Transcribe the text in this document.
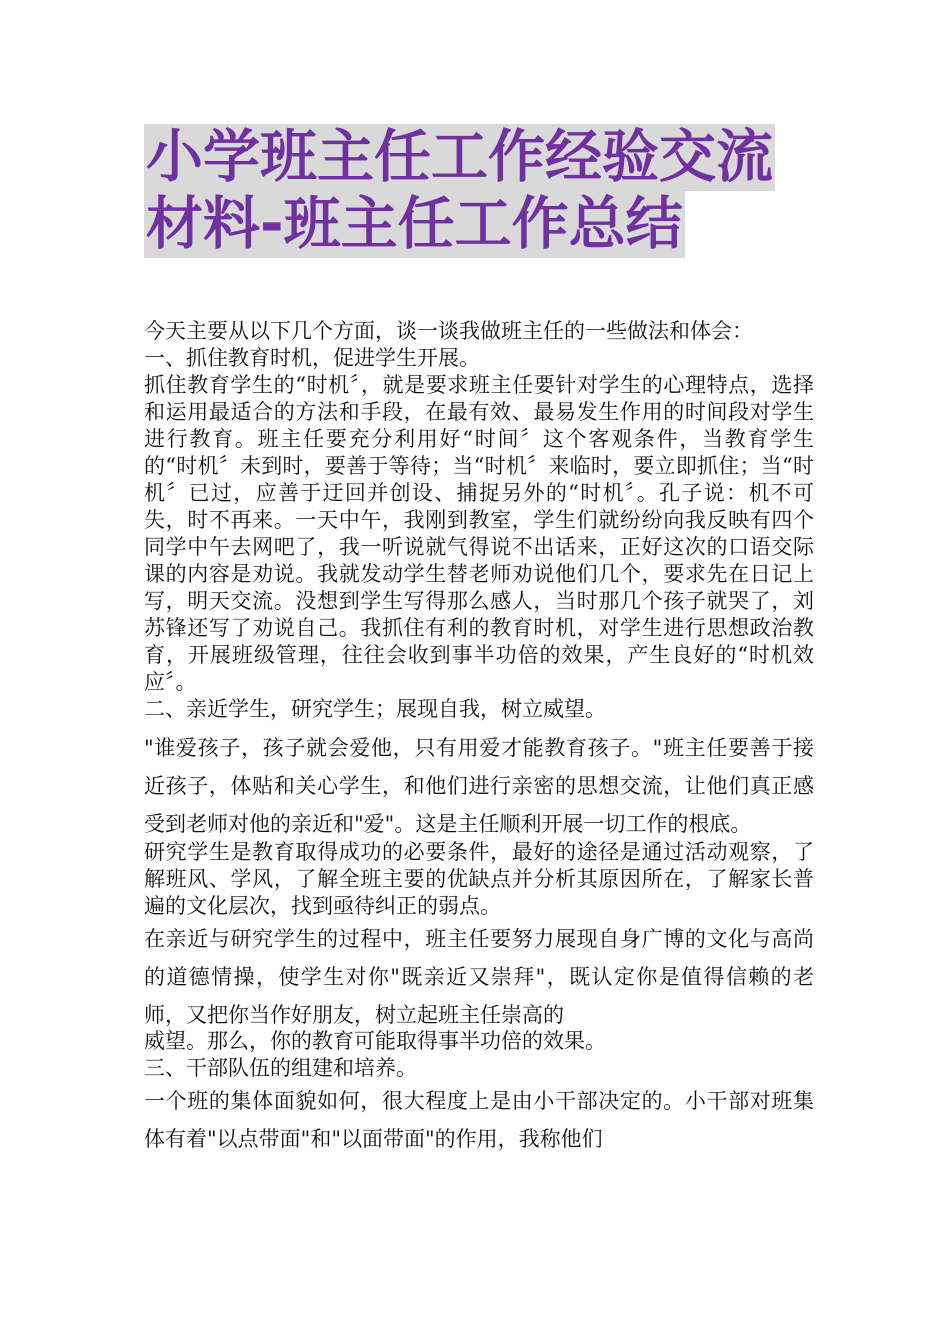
小学班主任工作经验交流
材料-班主任工作总结

今天主要从以下几个方面，谈一谈我做班主任的一些做法和体会：

一、抓住教育时机，促进学生开展。

抓住教育学生的“时机〞，就是要求班主任要针对学生的心理特点，选择和运用最适合的方法和手段，在最有效、最易发生作用的时间段对学生进行教育。班主任要充分利用好“时间〞这个客观条件，当教育学生的“时机〞未到时，要善于等待；当“时机〞来临时，要立即抓住；当“时机〞已过，应善于迂回并创设、捕捉另外的“时机〞。孔子说：机不可失，时不再来。一天中午，我刚到教室，学生们就纷纷向我反映有四个同学中午去网吧了，我一听说就气得说不出话来，正好这次的口语交际课的内容是劝说。我就发动学生替老师劝说他们几个，要求先在日记上写，明天交流。没想到学生写得那么感人，当时那几个孩子就哭了，刘苏锋还写了劝说自己。我抓住有利的教育时机，对学生进行思想政治教育，开展班级管理，往往会收到事半功倍的效果，产生良好的“时机效应〞。

二、亲近学生，研究学生；展现自我，树立威望。

"谁爱孩子，孩子就会爱他，只有用爱才能教育孩子。"班主任要善于接近孩子，体贴和关心学生，和他们进行亲密的思想交流，让他们真正感受到老师对他的亲近和"爱"。这是主任顺利开展一切工作的根底。

研究学生是教育取得成功的必要条件，最好的途径是通过活动观察，了解班风、学风，了解全班主要的优缺点并分析其原因所在，了解家长普遍的文化层次，找到亟待纠正的弱点。

在亲近与研究学生的过程中，班主任要努力展现自身广博的文化与高尚的道德情操，使学生对你"既亲近又崇拜"，既认定你是值得信赖的老师，又把你当作好朋友，树立起班主任崇高的

威望。那么，你的教育可能取得事半功倍的效果。

三、干部队伍的组建和培养。

一个班的集体面貌如何，很大程度上是由小干部决定的。小干部对班集体有着"以点带面"和"以面带面"的作用，我称他们
